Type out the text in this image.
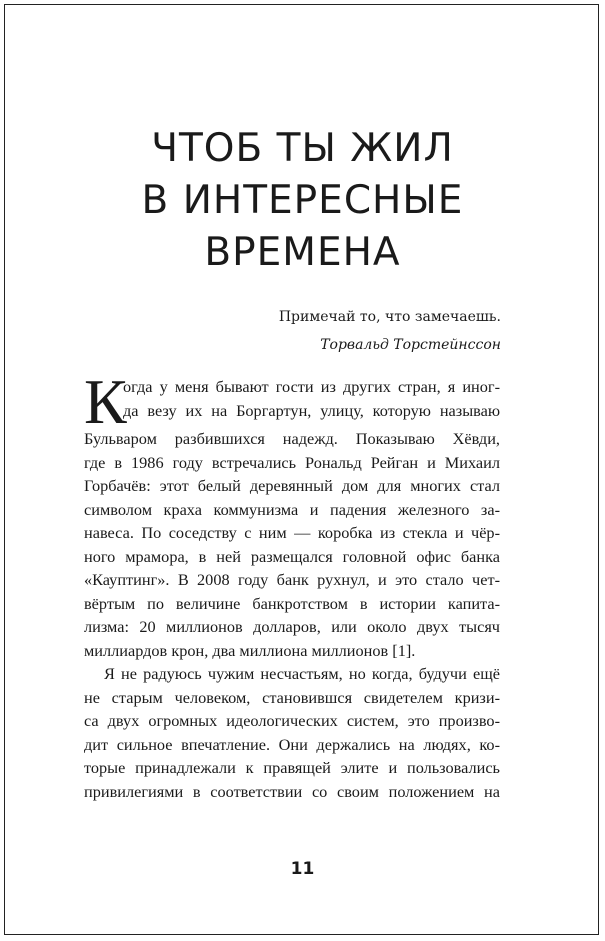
ЧТОБ ТЫ ЖИЛ
В ИНТЕРЕСНЫЕ
ВРЕМЕНА
Примечай то, что замечаешь.
Торвальд Торстейнссон
К
огда у меня бывают гости из других стран, я иног-
да везу их на Боргартун, улицу, которую называю
Бульваром разбившихся надежд. Показываю Хёвди,
где в 1986 году встречались Рональд Рейган и Михаил
Горбачёв: этот белый деревянный дом для многих стал
символом краха коммунизма и падения железного за-
навеса. По соседству с ним — коробка из стекла и чёр-
ного мрамора, в ней размещался головной офис банка
«Кауптинг». В 2008 году банк рухнул, и это стало чет-
вёртым по величине банкротством в истории капита-
лизма: 20 миллионов долларов, или около двух тысяч
миллиардов крон, два миллиона миллионов [1].
Я не радуюсь чужим несчастьям, но когда, будучи ещё
не старым человеком, становившся свидетелем кризи-
са двух огромных идеологических систем, это произво-
дит сильное впечатление. Они держались на людях, ко-
торые принадлежали к правящей элите и пользовались
привилегиями в соответствии со своим положением на
11
